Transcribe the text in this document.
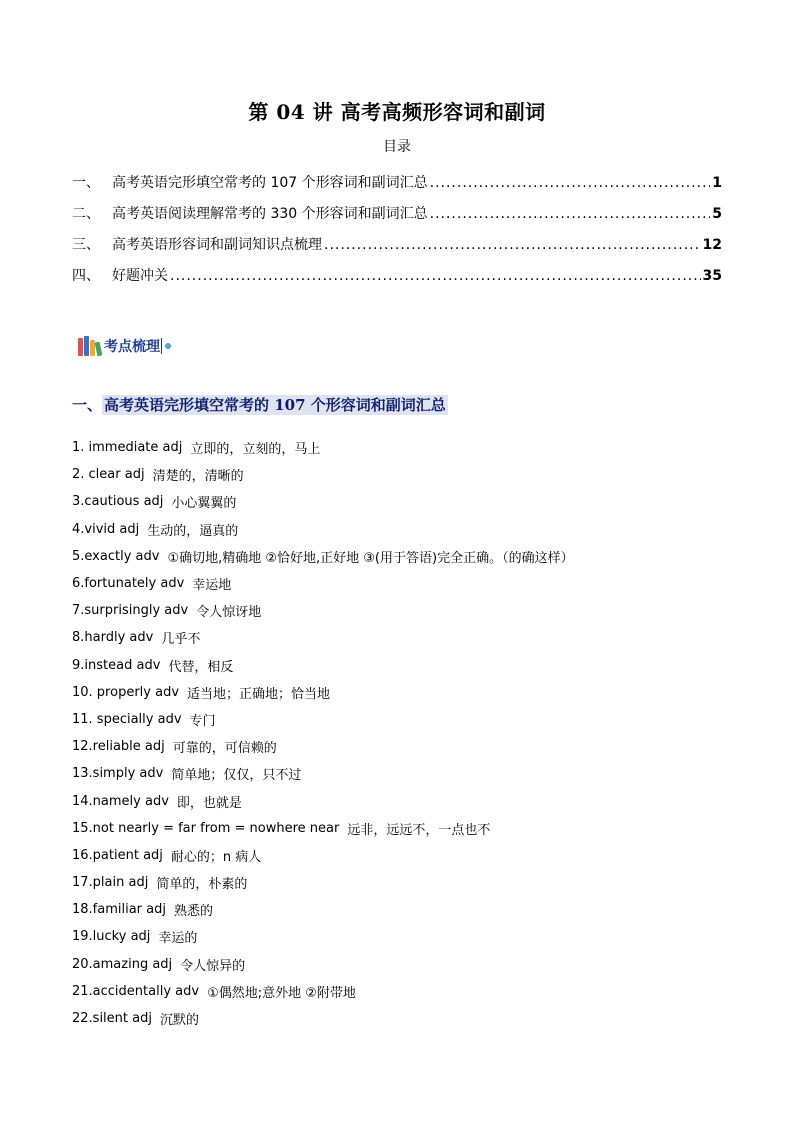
第 04 讲 高考高频形容词和副词
目录
一、 高考英语完形填空常考的 107 个形容词和副词汇总 .....	1
二、 高考英语阅读理解常考的 330 个形容词和副词汇总 .....	5
三、 高考英语形容词和副词知识点梳理 .....	12
四、 好题冲关 .....	35
考点梳理
一、 高考英语完形填空常考的 107 个形容词和副词汇总
1. immediate adj 立即的，立刻的，马上
2. clear adj 清楚的，清晰的
3.cautious adj 小心翼翼的
4.vivid adj 生动的，逼真的
5.exactly adv ①确切地,精确地 ②恰好地,正好地 ③(用于答语)完全正确。（的确这样）
6.fortunately adv 幸运地
7.surprisingly adv 令人惊讶地
8.hardly adv 几乎不
9.instead adv 代替，相反
10. properly adv 适当地；正确地；恰当地
11. specially adv 专门
12.reliable adj 可靠的，可信赖的
13.simply adv 简单地；仅仅，只不过
14.namely adv 即，也就是
15.not nearly = far from = nowhere near 远非，远远不，一点也不
16.patient adj 耐心的；n 病人
17.plain adj 简单的，朴素的
18.familiar adj 熟悉的
19.lucky adj 幸运的
20.amazing adj 令人惊异的
21.accidentally adv ①偶然地;意外地 ②附带地
22.silent adj 沉默的
